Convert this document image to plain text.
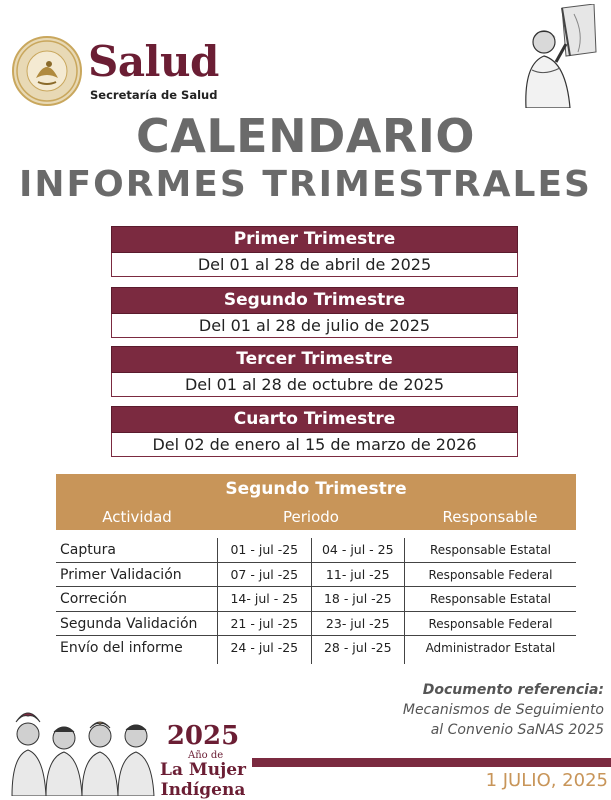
Salud
Secretaría de Salud
CALENDARIO
INFORMES TRIMESTRALES
Primer Trimestre
Del 01 al 28 de abril de 2025
Segundo Trimestre
Del 01 al 28 de julio de 2025
Tercer Trimestre
Del 01 al 28 de octubre de 2025
Cuarto Trimestre
Del 02 de enero al 15 de marzo de 2026
Segundo Trimestre
Actividad	Periodo	Responsable
Captura	01 - jul -25	04 - jul - 25	Responsable Estatal
Primer Validación	07 - jul -25	11- jul -25	Responsable Federal
Correción	14- jul - 25	18 - jul -25	Responsable Estatal
Segunda Validación	21 - jul -25	23- jul -25	Responsable Federal
Envío del informe	24 - jul -25	28 - jul -25	Administrador Estatal
Documento referencia:
Mecanismos de Seguimiento
al Convenio SaNAS 2025
2025
Año de
La Mujer
Indígena	1 JULIO, 2025
